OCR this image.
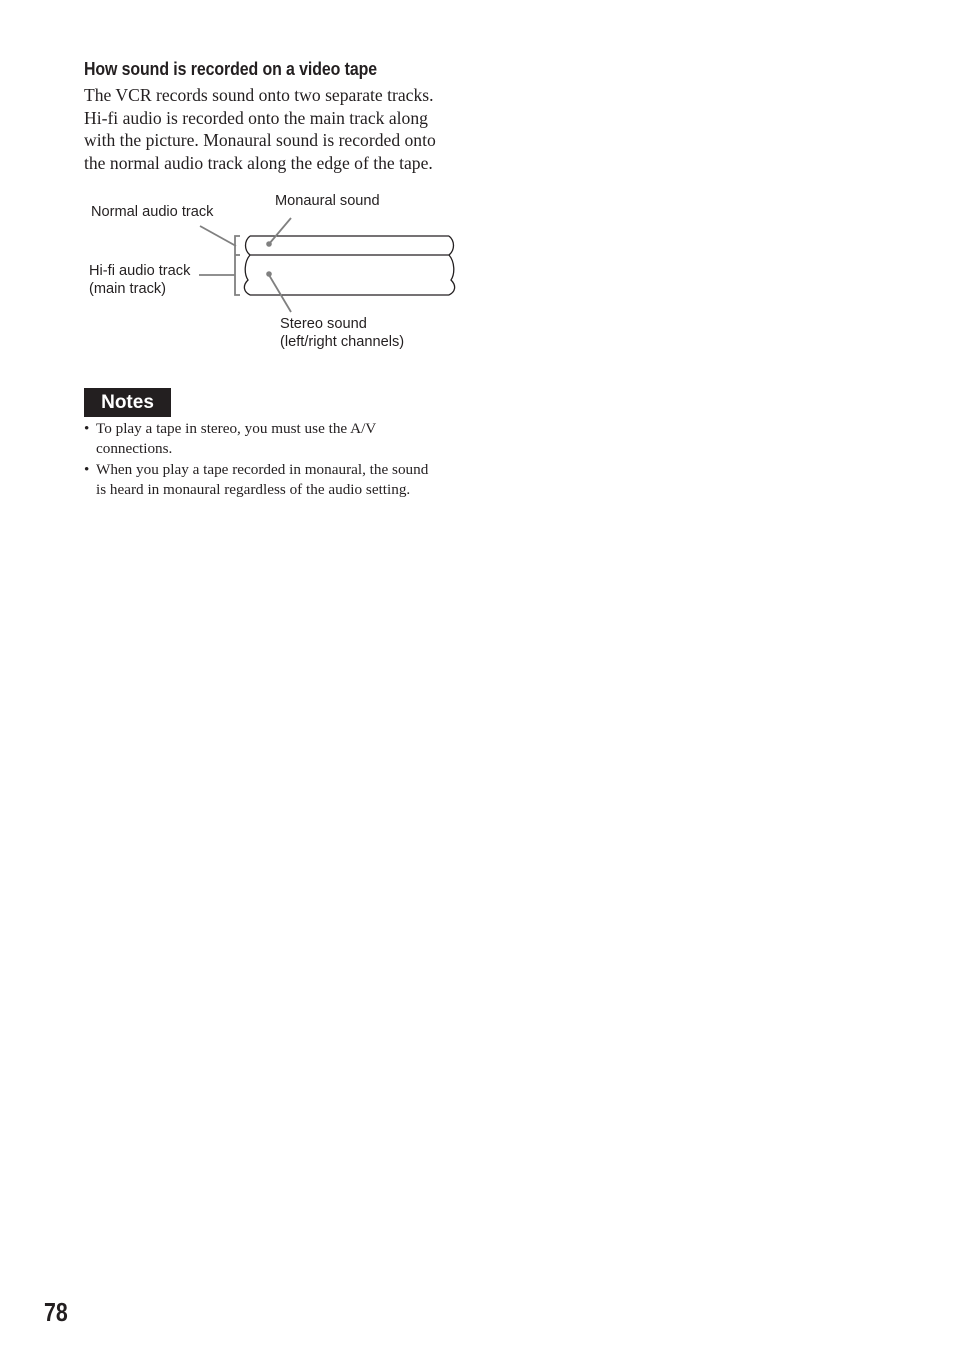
How sound is recorded on a video tape
The VCR records sound onto two separate tracks.
Hi-fi audio is recorded onto the main track along
with the picture. Monaural sound is recorded onto
the normal audio track along the edge of the tape.
Normal audio track
Monaural sound
Hi-fi audio track
(main track)
Stereo sound
(left/right channels)
Notes
• To play a tape in stereo, you must use the A/V
connections.
• When you play a tape recorded in monaural, the sound
is heard in monaural regardless of the audio setting.
78
